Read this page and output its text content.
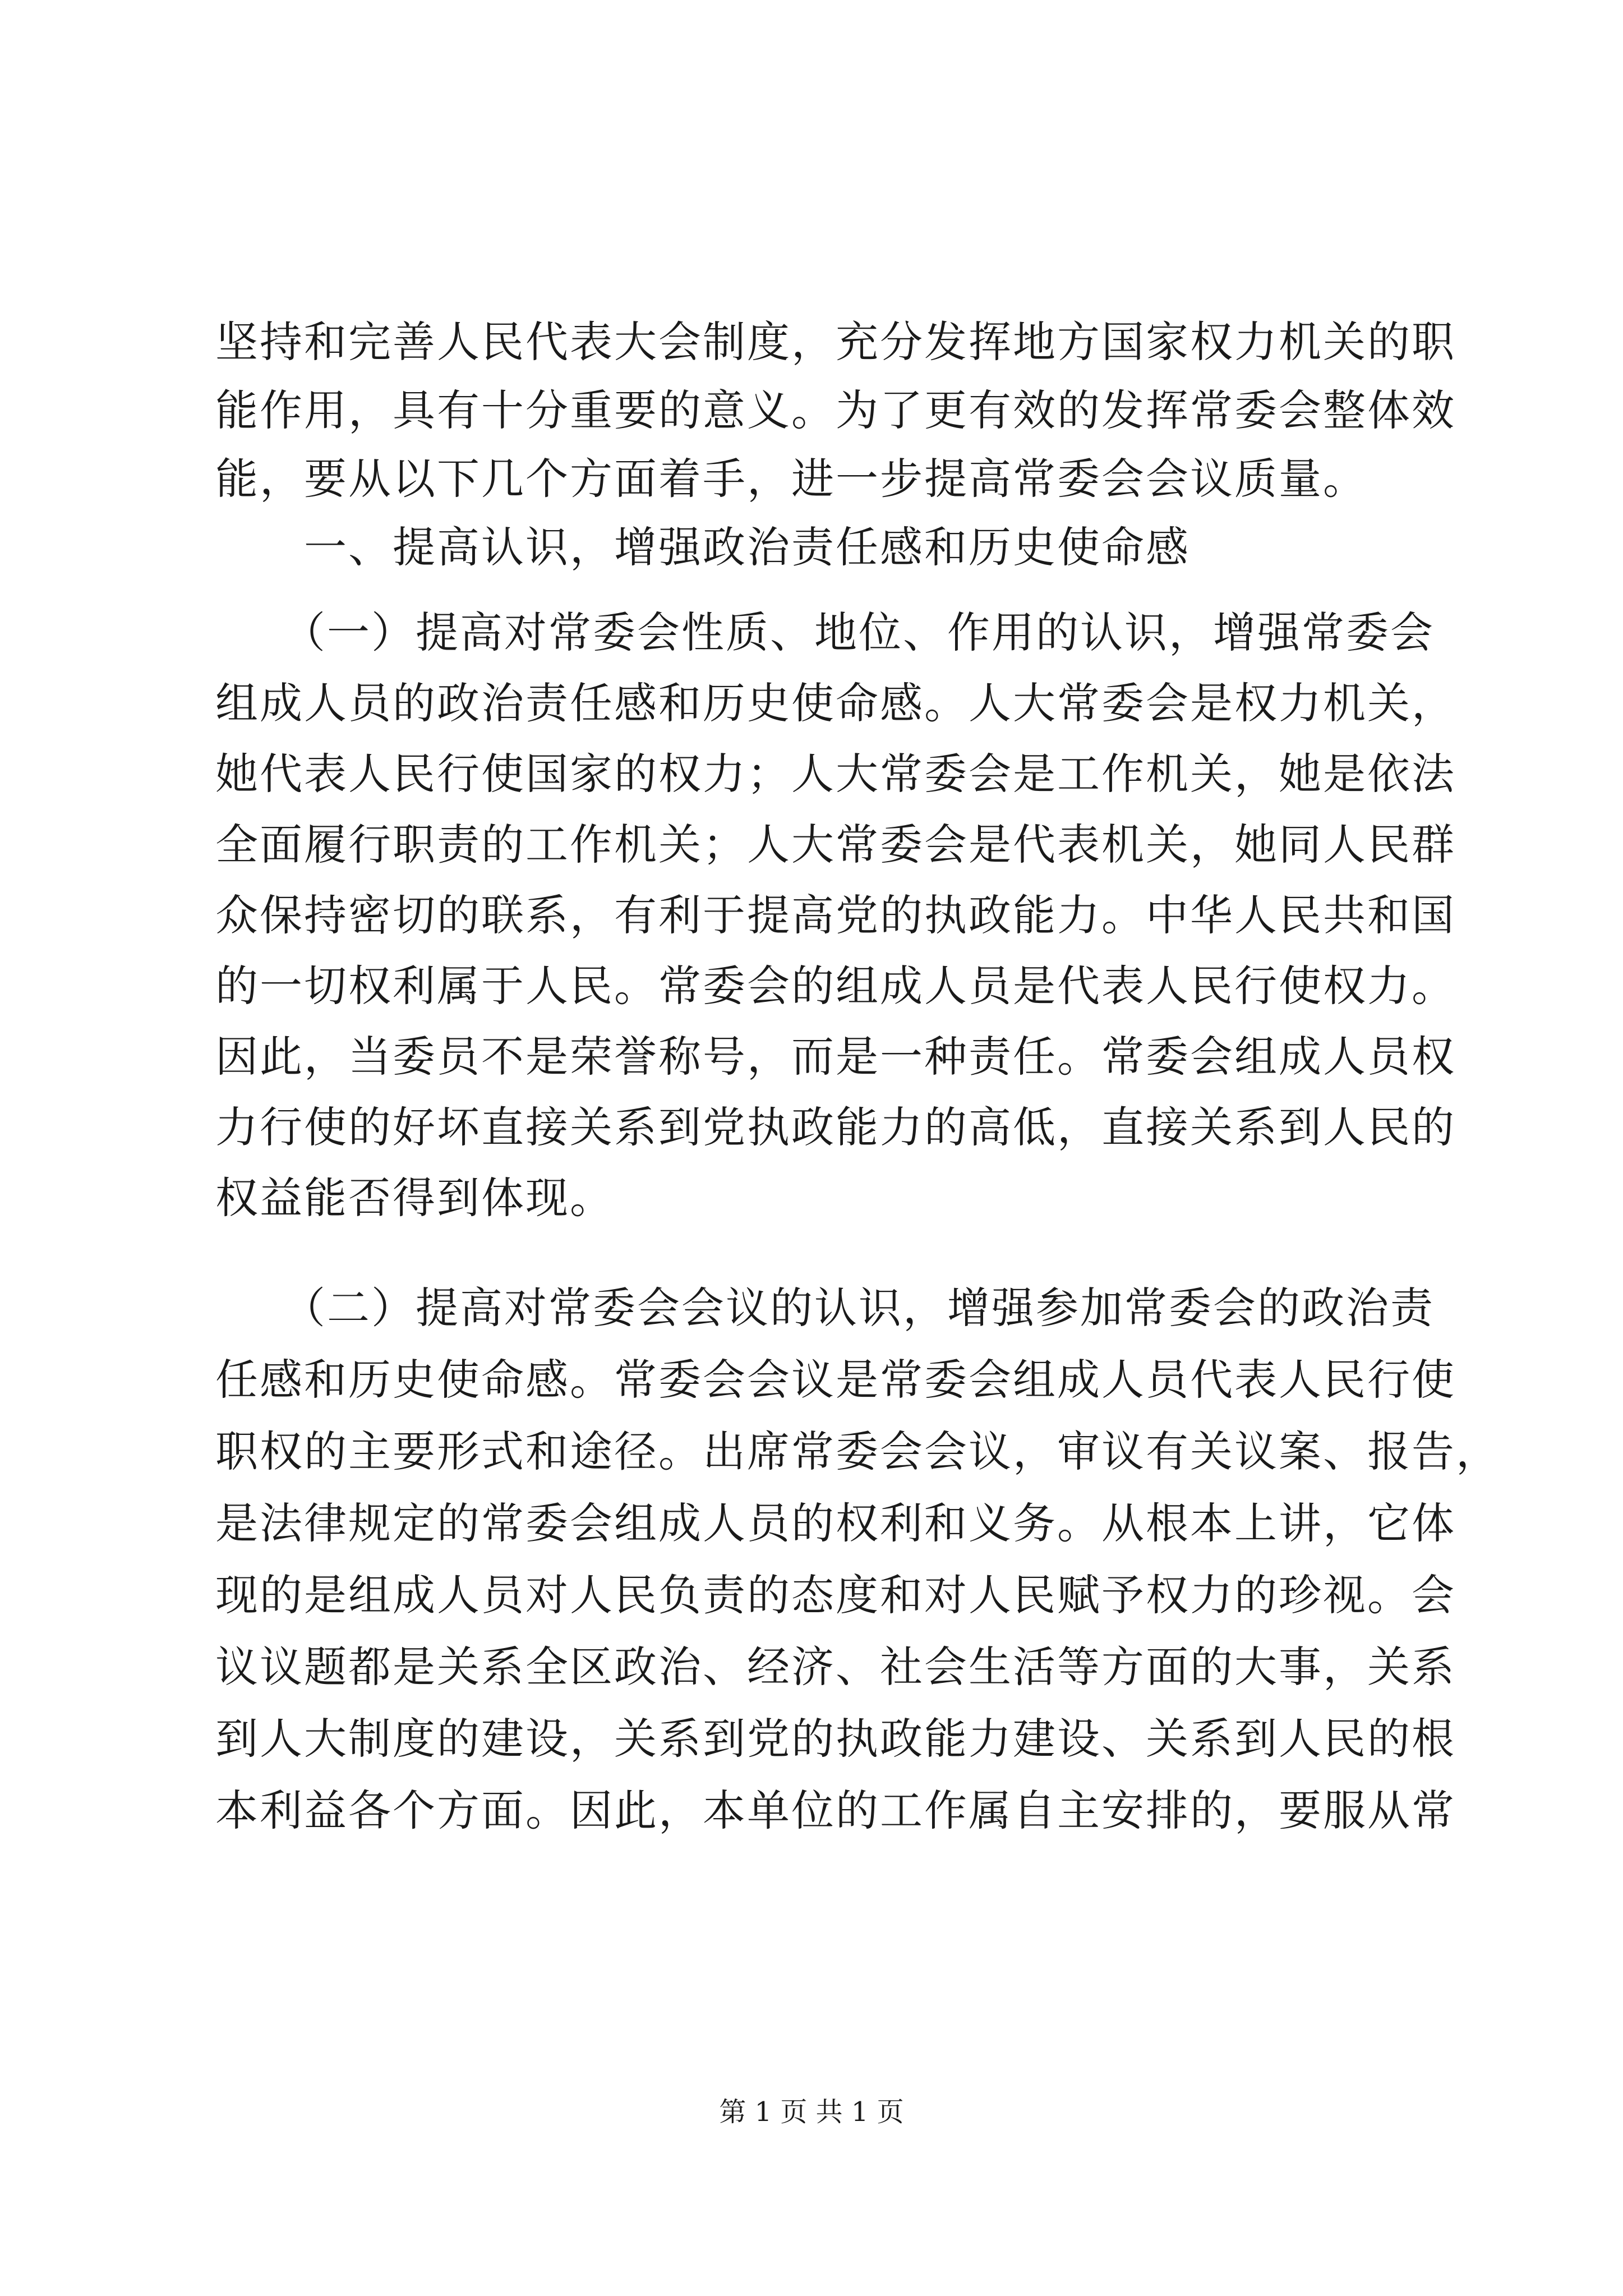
坚持和完善人民代表大会制度，充分发挥地方国家权力机关的职
能作用，具有十分重要的意义。为了更有效的发挥常委会整体效
能，要从以下几个方面着手，进一步提高常委会会议质量。
　　一、提高认识，增强政治责任感和历史使命感
　　（一）提高对常委会性质、地位、作用的认识，增强常委会
组成人员的政治责任感和历史使命感。人大常委会是权力机关，
她代表人民行使国家的权力；人大常委会是工作机关，她是依法
全面履行职责的工作机关；人大常委会是代表机关，她同人民群
众保持密切的联系，有利于提高党的执政能力。中华人民共和国
的一切权利属于人民。常委会的组成人员是代表人民行使权力。
因此，当委员不是荣誉称号，而是一种责任。常委会组成人员权
力行使的好坏直接关系到党执政能力的高低，直接关系到人民的
权益能否得到体现。
　　（二）提高对常委会会议的认识，增强参加常委会的政治责
任感和历史使命感。常委会会议是常委会组成人员代表人民行使
职权的主要形式和途径。出席常委会会议，审议有关议案、报告，
是法律规定的常委会组成人员的权利和义务。从根本上讲，它体
现的是组成人员对人民负责的态度和对人民赋予权力的珍视。会
议议题都是关系全区政治、经济、社会生活等方面的大事，关系
到人大制度的建设，关系到党的执政能力建设、关系到人民的根
本利益各个方面。因此，本单位的工作属自主安排的，要服从常
第 1 页 共 1 页
